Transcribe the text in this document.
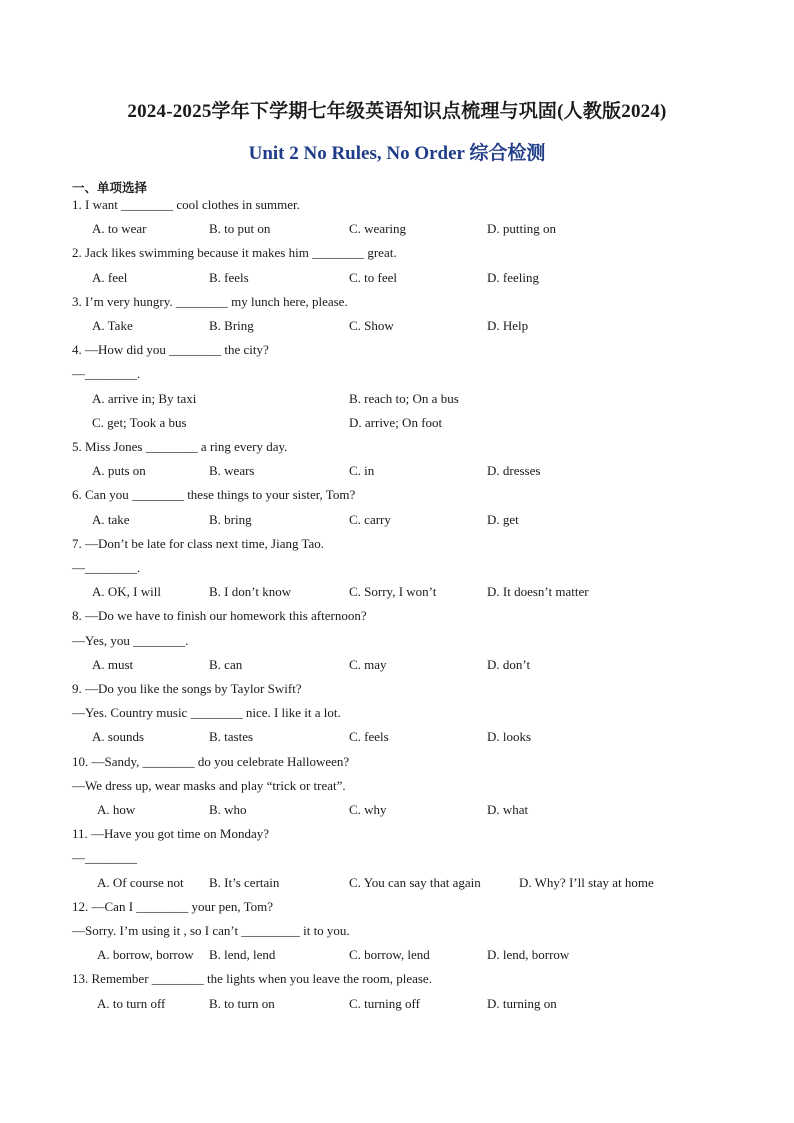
2024-2025学年下学期七年级英语知识点梳理与巩固(人教版2024)
Unit 2 No Rules, No Order 综合检测
一、单项选择
1. I want ________ cool clothes in summer.
A. to wear	B. to put on	C. wearing	D. putting on
2. Jack likes swimming because it makes him ________ great.
A. feel	B. feels	C. to feel	D. feeling
3. I’m very hungry. ________ my lunch here, please.
A. Take	B. Bring	C. Show	D. Help
4. —How did you ________ the city?
—________.
A. arrive in; By taxi	B. reach to; On a bus
C. get; Took a bus	D. arrive; On foot
5. Miss Jones ________ a ring every day.
A. puts on	B. wears	C. in	D. dresses
6. Can you ________ these things to your sister, Tom?
A. take	B. bring	C. carry	D. get
7. —Don’t be late for class next time, Jiang Tao.
—________.
A. OK, I will	B. I don’t know	C. Sorry, I won’t	D. It doesn’t matter
8. —Do we have to finish our homework this afternoon?
—Yes, you ________.
A. must	B. can	C. may	D. don’t
9. —Do you like the songs by Taylor Swift?
—Yes. Country music ________ nice. I like it a lot.
A. sounds	B. tastes	C. feels	D. looks
10. —Sandy, ________ do you celebrate Halloween?
—We dress up, wear masks and play “trick or treat”.
A. how	B. who	C. why	D. what
11. —Have you got time on Monday?
—________
A. Of course not B. It’s certain	C. You can say that again	D. Why? I’ll stay at home
12. —Can I ________ your pen, Tom?
—Sorry. I’m using it , so I can’t _________ it to you.
A. borrow, borrow B. lend, lend	C. borrow, lend	D. lend, borrow
13. Remember ________ the lights when you leave the room, please.
A. to turn off	B. to turn on	C. turning off	D. turning on
